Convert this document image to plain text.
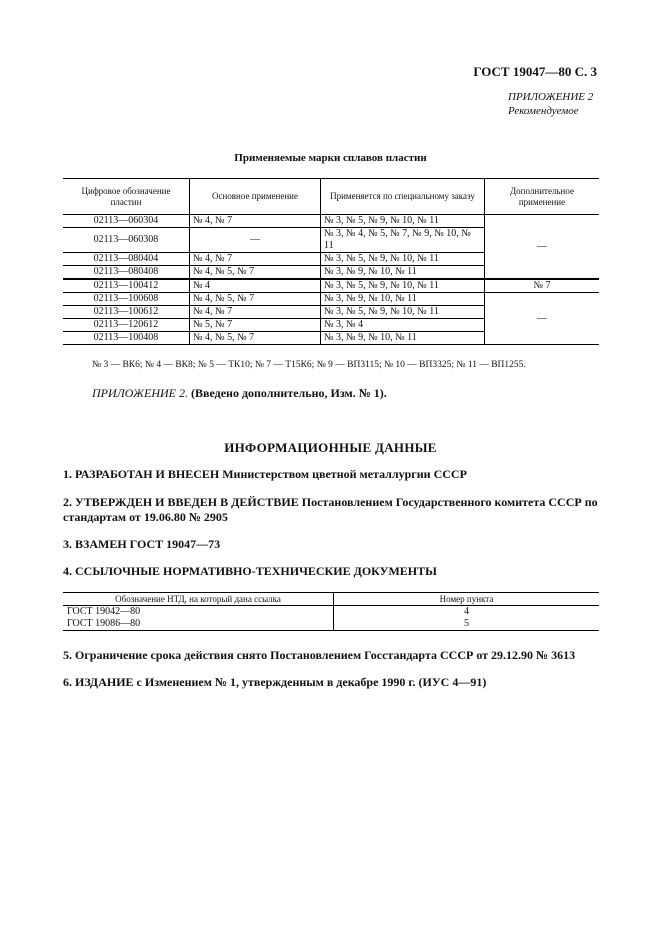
ГОСТ 19047—80 С. 3
ПРИЛОЖЕНИЕ 2
Рекомендуемое
Применяемые марки сплавов пластин
Цифровое обозначение пластин	Основное применение	Применяется по специальному заказу	Дополнительное применение
02113—060304	№ 4, № 7	№ 3, № 5, № 9, № 10, № 11	—
02113—060308	—	№ 3, № 4, № 5, № 7, № 9, № 10, № 11	
02113—080404	№ 4, № 7	№ 3, № 5, № 9, № 10, № 11	
02113—080408	№ 4, № 5, № 7	№ 3, № 9, № 10, № 11	
02113—100412	№ 4	№ 3, № 5, № 9, № 10, № 11	№ 7
02113—100608	№ 4, № 5, № 7	№ 3, № 9, № 10, № 11	—
02113—100612	№ 4, № 7	№ 3, № 5, № 9, № 10, № 11	
02113—120612	№ 5, № 7	№ 3, № 4	
02113—100408	№ 4, № 5, № 7	№ 3, № 9, № 10, № 11	
№ 3 — ВК6; № 4 — ВК8; № 5 — ТК10; № 7 — Т15К6; № 9 — ВП3115; № 10 — ВП3325; № 11 — ВП1255.
ПРИЛОЖЕНИЕ 2. (Введено дополнительно, Изм. № 1).
ИНФОРМАЦИОННЫЕ ДАННЫЕ
1. РАЗРАБОТАН И ВНЕСЕН Министерством цветной металлургии СССР
2. УТВЕРЖДЕН И ВВЕДЕН В ДЕЙСТВИЕ Постановлением Государственного комитета СССР по стандартам от 19.06.80 № 2905
3. ВЗАМЕН ГОСТ 19047—73
4. ССЫЛОЧНЫЕ НОРМАТИВНО-ТЕХНИЧЕСКИЕ ДОКУМЕНТЫ
Обозначение НТД, на который дана ссылка	Номер пункта
ГОСТ 19042—80	4
ГОСТ 19086—80	5
5. Ограничение срока действия снято Постановлением Госстандарта СССР от 29.12.90 № 3613
6. ИЗДАНИЕ с Изменением № 1, утвержденным в декабре 1990 г. (ИУС 4—91)
